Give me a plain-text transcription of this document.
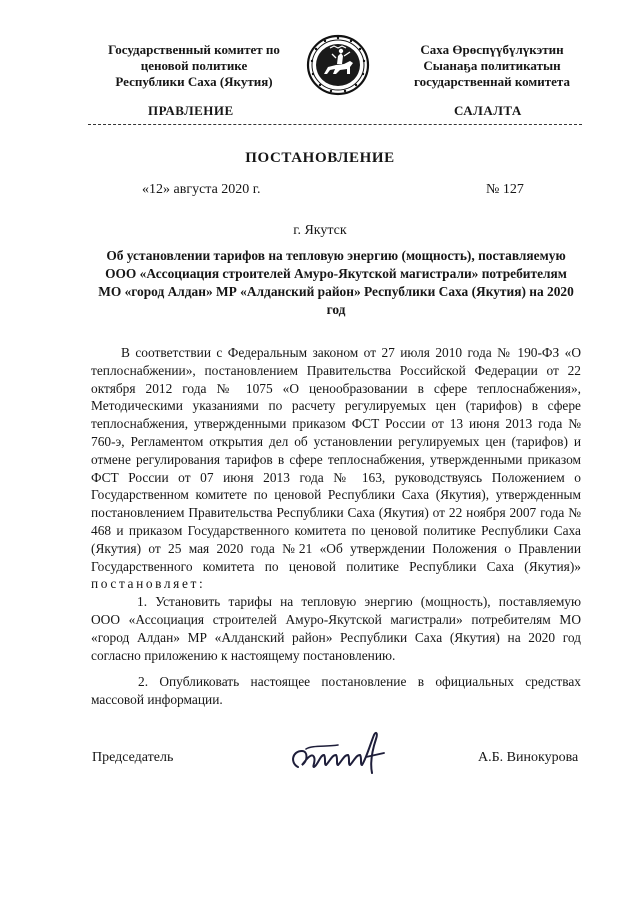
Государственный комитет по
ценовой политике
Республики Саха (Якутия)
Саха Өрөспүүбүлүкэтин
Сыанаҕа политикатын
государственнай комитета
ПРАВЛЕНИЕ	САЛАЛТА
ПОСТАНОВЛЕНИЕ
«12» августа 2020 г.	№ 127
г. Якутск
Об установлении тарифов на тепловую энергию (мощность), поставляемую
ООО «Ассоциация строителей Амуро-Якутской магистрали» потребителям
МО «город Алдан» МР «Алданский район» Республики Саха (Якутия) на 2020
год
В соответствии с Федеральным законом от 27 июля 2010 года № 190-ФЗ «О
теплоснабжении», постановлением Правительства Российской Федерации от 22
октября 2012 года № 1075 «О ценообразовании в сфере теплоснабжения»,
Методическими указаниями по расчету регулируемых цен (тарифов) в сфере
теплоснабжения, утвержденными приказом ФСТ России от 13 июня 2013 года №
760-э, Регламентом открытия дел об установлении регулируемых цен (тарифов) и
отмене регулирования тарифов в сфере теплоснабжения, утвержденными приказом
ФСТ России от 07 июня 2013 года № 163, руководствуясь Положением о
Государственном комитете по ценовой Республики Саха (Якутия), утвержденным
постановлением Правительства Республики Саха (Якутия) от 22 ноября 2007 года №
468 и приказом Государственного комитета по ценовой политике Республики Саха
(Якутия) от 25 мая 2020 года №21 «Об утверждении Положения о Правлении
Государственного комитета по ценовой политике Республики Саха (Якутия)»
постановляет:
1. Установить тарифы на тепловую энергию (мощность), поставляемую
ООО «Ассоциация строителей Амуро-Якутской магистрали» потребителям МО
«город Алдан» МР «Алданский район» Республики Саха (Якутия) на 2020 год
согласно приложению к настоящему постановлению.
2. Опубликовать настоящее постановление в официальных средствах
массовой информации.
Председатель	А.Б. Винокурова
